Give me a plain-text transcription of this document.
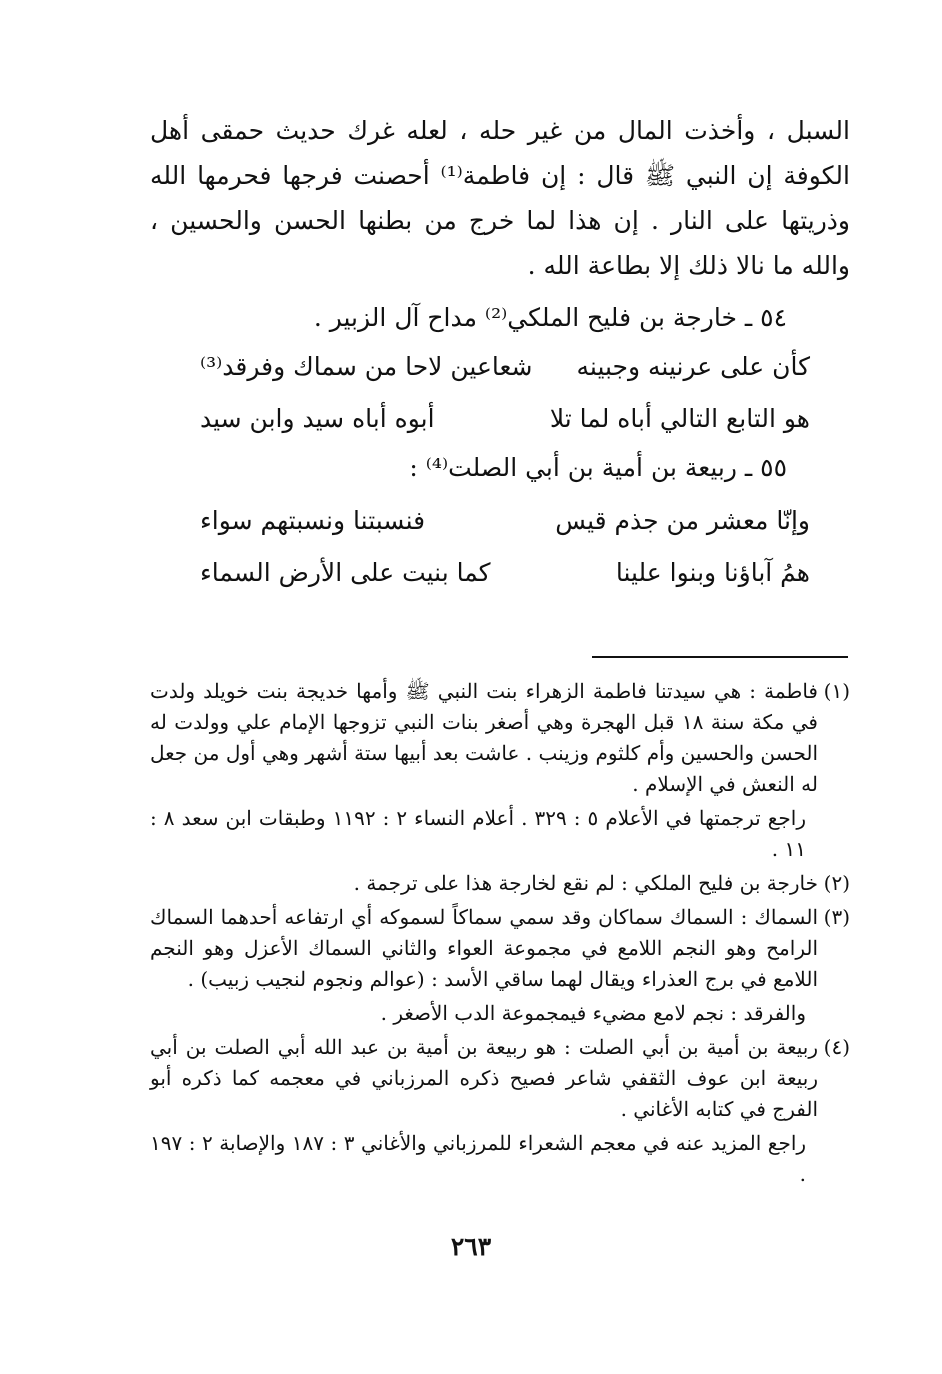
السبل ، وأخذت المال من غير حله ، لعله غرك حديث حمقى أهل الكوفة إن النبي ﷺ قال : إن فاطمة⁽¹⁾ أحصنت فرجها فحرمها الله وذريتها على النار . إن هذا لما خرج من بطنها الحسن والحسين ، والله ما نالا ذلك إلا بطاعة الله .

٥٤ ـ خارجة بن فليح الملكي⁽²⁾ مداح آل الزبير .
كأن على عرنينه وجبينه
شعاعين لاحا من سماك وفرقد⁽³⁾
هو التابع التالي أباه لما تلا
أبوه أباه سيد وابن سيد
٥٥ ـ ربيعة بن أمية بن أبي الصلت⁽⁴⁾ :
وإنّا معشر من جذم قيس
فنسبتنا ونسبتهم سواء
همُ آباؤنا وبنوا علينا
كما بنيت على الأرض السماء
(١)

فاطمة : هي سيدتنا فاطمة الزهراء بنت النبي ﷺ وأمها خديجة بنت خويلد ولدت في مكة سنة ١٨ قبل الهجرة وهي أصغر بنات النبي تزوجها الإمام علي وولدت له الحسن والحسين وأم كلثوم وزينب . عاشت بعد أبيها ستة أشهر وهي أول من جعل له النعش في الإسلام .

راجع ترجمتها في الأعلام ٥ : ٣٢٩ . أعلام النساء ٢ : ١١٩٢ وطبقات ابن سعد ٨ : ١١ .

(٢)

خارجة بن فليح الملكي : لم نقع لخارجة هذا على ترجمة .

(٣)

السماك : السماك سماكان وقد سمي سماكاً لسموكه أي ارتفاعه أحدهما السماك الرامح وهو النجم اللامع في مجموعة العواء والثاني السماك الأعزل وهو النجم اللامع في برج العذراء ويقال لهما ساقي الأسد : (عوالم ونجوم لنجيب زبيب) .

والفرقد : نجم لامع مضيء فيمجموعة الدب الأصغر .

(٤)

ربيعة بن أمية بن أبي الصلت : هو ربيعة بن أمية بن عبد الله أبي الصلت بن أبي ربيعة ابن عوف الثقفي شاعر فصيح ذكره المرزباني في معجمه كما ذكره أبو الفرج في كتابه الأغاني .

راجع المزيد عنه في معجم الشعراء للمرزباني والأغاني ٣ : ١٨٧ والإصابة ٢ : ١٩٧ .

٢٦٣
